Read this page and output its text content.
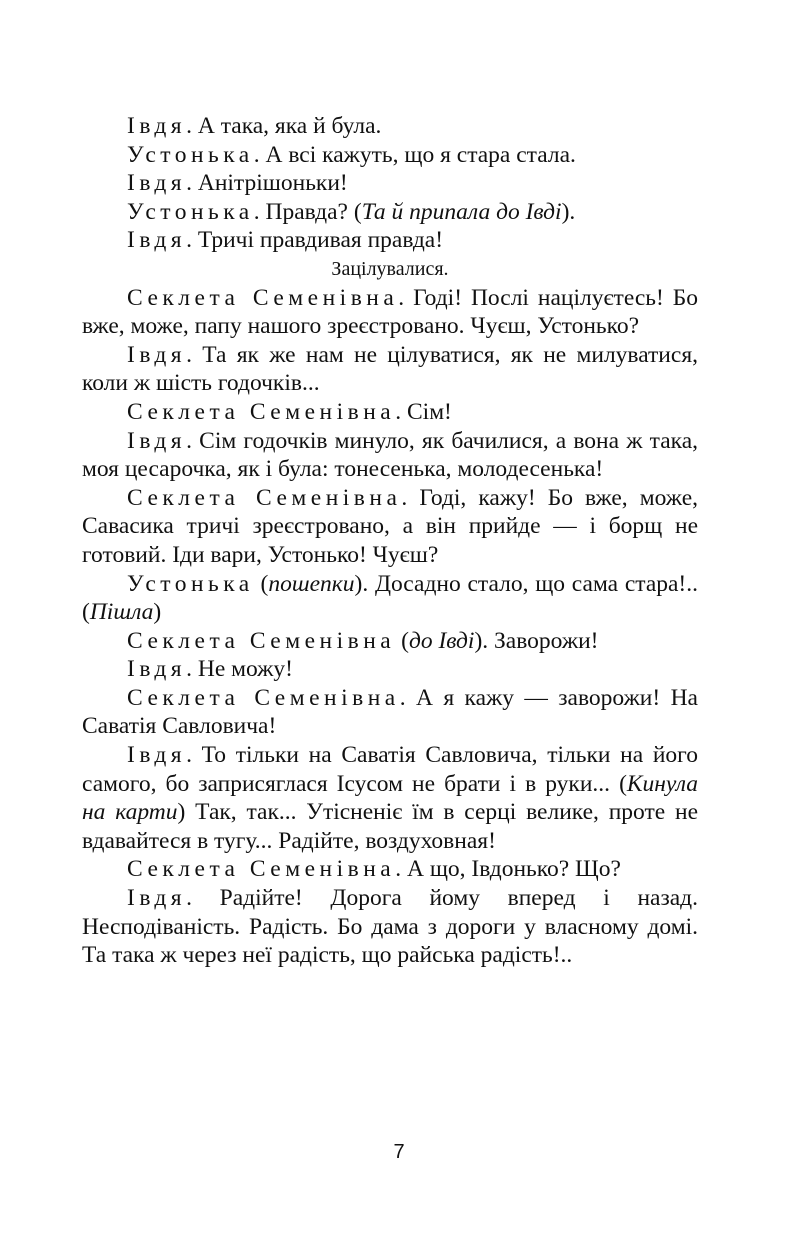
Івдя. А така, яка й була.

Устонька. А всі кажуть, що я стара стала.

Івдя. Анітрішоньки!

Устонька. Правда? (Та й припала до Івді).

Івдя. Тричі правдивая правда!

Зацілувалися.

Секлета Семенівна. Годі! Послі націлуєтесь! Бо вже, може, папу нашого зреєстровано. Чуєш, Устонько?

Івдя. Та як же нам не цілуватися, як не милуватися, коли ж шість годочків...

Секлета Семенівна. Сім!

Івдя. Сім годочків минуло, як бачилися, а вона ж така, моя цесарочка, як і була: тонесенька, молодесенька!

Секлета Семенівна. Годі, кажу! Бо вже, може, Савасика тричі зреєстровано, а він прийде — і борщ не готовий. Іди вари, Устонько! Чуєш?

Устонька (пошепки). Досадно стало, що сама стара!.. (Пішла)

Секлета Семенівна (до Івді). Заворожи!

Івдя. Не можу!

Секлета Семенівна. А я кажу — заворожи! На Саватія Савловича!

Івдя. То тільки на Саватія Савловича, тільки на його самого, бо заприсяглася Ісусом не брати і в руки... (Кинула на карти) Так, так... Утісненіє їм в серці велике, проте не вдавайтеся в тугу... Радійте, воздуховная!

Секлета Семенівна. А що, Івдонько? Що?

Івдя. Радійте! Дорога йому вперед і назад. Несподіваність. Радість. Бо дама з дороги у власному домі. Та така ж через неї радість, що райська радість!..

7
